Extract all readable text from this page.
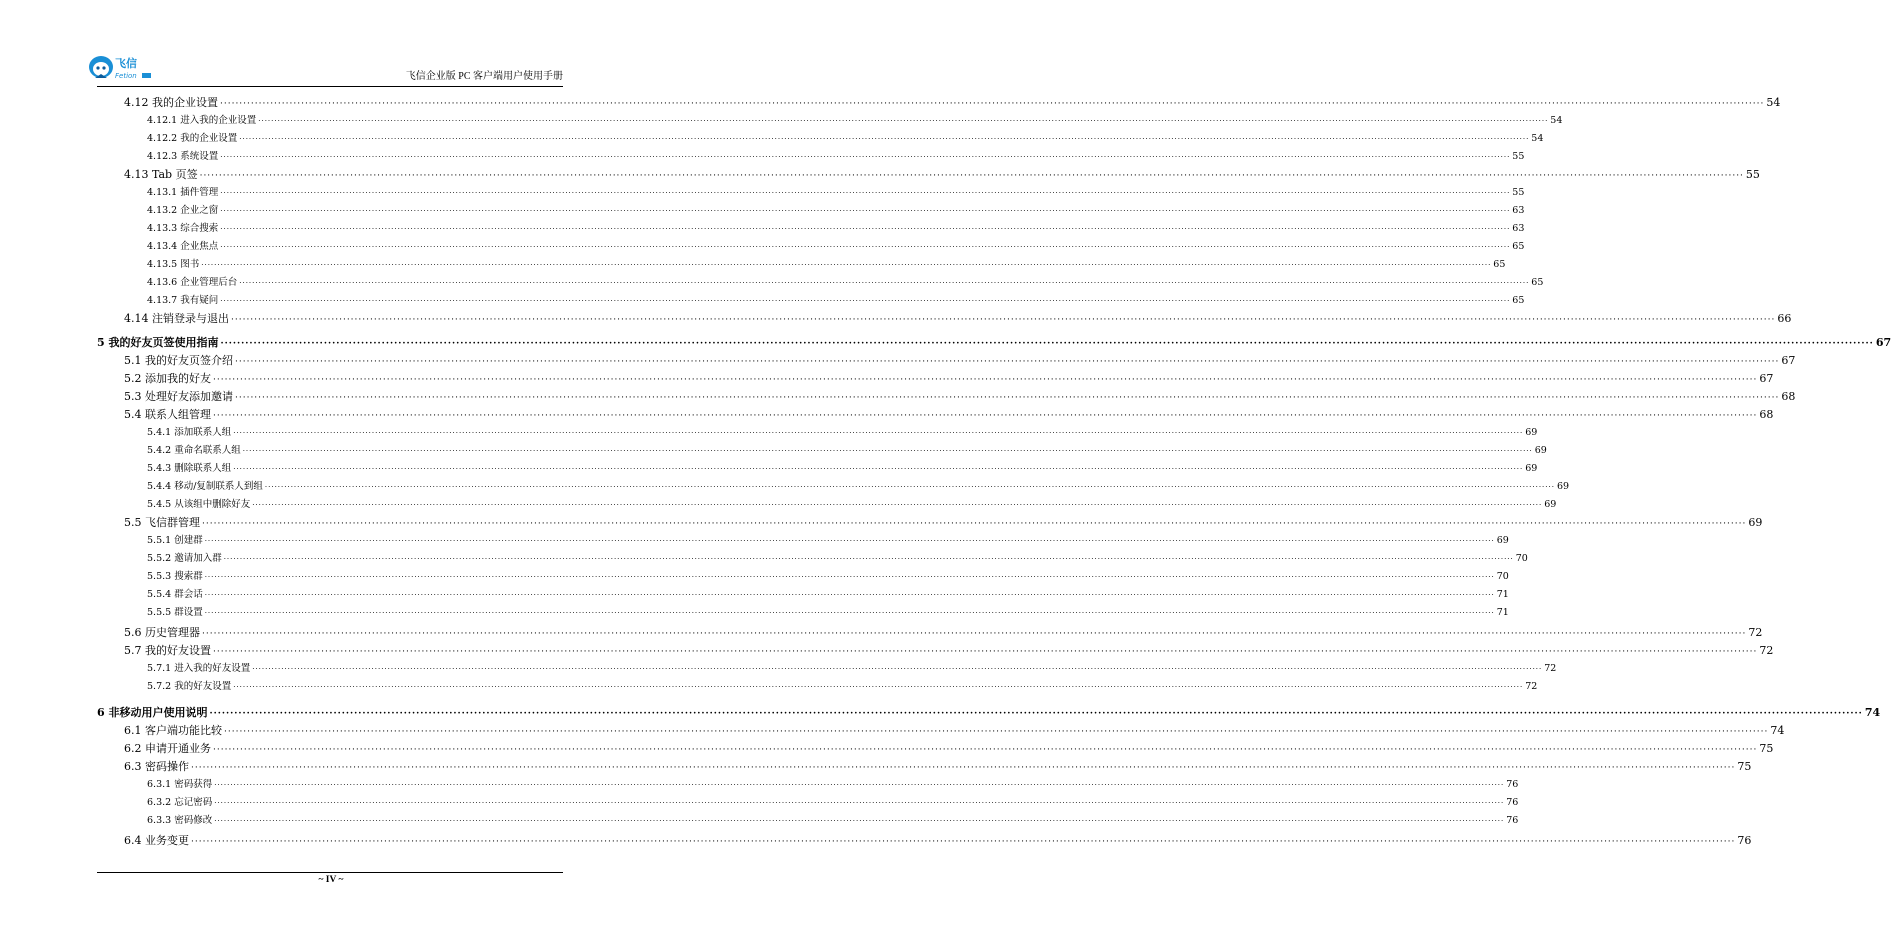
飞信
Fetion	飞信企业版 PC 客户端用户使用手册
4.12 我的企业设置 ················································································································································································································································································································································································································ 54
4.12.1 进入我的企业设置 ················································································································································································································································································································································································································ 54
4.12.2 我的企业设置 ················································································································································································································································································································································································································ 54
4.12.3 系统设置 ················································································································································································································································································································································································································ 55
4.13 Tab 页签 ················································································································································································································································································································································································································ 55
4.13.1 插件管理 ················································································································································································································································································································································································································ 55
4.13.2 企业之窗 ················································································································································································································································································································································································································ 63
4.13.3 综合搜索 ················································································································································································································································································································································································································ 63
4.13.4 企业焦点 ················································································································································································································································································································································································································ 65
4.13.5 图书 ················································································································································································································································································································································································································ 65
4.13.6 企业管理后台 ················································································································································································································································································································································································································ 65
4.13.7 我有疑问 ················································································································································································································································································································································································································ 65
4.14 注销登录与退出 ················································································································································································································································································································································································································ 66
5 我的好友页签使用指南 ················································································································································································································································································································································································································ 67
5.1 我的好友页签介绍 ················································································································································································································································································································································································································ 67
5.2 添加我的好友 ················································································································································································································································································································································································································ 67
5.3 处理好友添加邀请 ················································································································································································································································································································································································································ 68
5.4 联系人组管理 ················································································································································································································································································································································································································ 68
5.4.1 添加联系人组 ················································································································································································································································································································································································································ 69
5.4.2 重命名联系人组 ················································································································································································································································································································································································································ 69
5.4.3 删除联系人组 ················································································································································································································································································································································································································ 69
5.4.4 移动/复制联系人到组 ················································································································································································································································································································································································································ 69
5.4.5 从该组中删除好友 ················································································································································································································································································································································································································ 69
5.5 飞信群管理 ················································································································································································································································································································································································································ 69
5.5.1 创建群 ················································································································································································································································································································································································································ 69
5.5.2 邀请加入群 ················································································································································································································································································································································································································ 70
5.5.3 搜索群 ················································································································································································································································································································································································································ 70
5.5.4 群会话 ················································································································································································································································································································································································································ 71
5.5.5 群设置 ················································································································································································································································································································································································································ 71
5.6 历史管理器 ················································································································································································································································································································································································································ 72
5.7 我的好友设置 ················································································································································································································································································································································································································ 72
5.7.1 进入我的好友设置 ················································································································································································································································································································································································································ 72
5.7.2 我的好友设置 ················································································································································································································································································································································································································ 72
6 非移动用户使用说明 ················································································································································································································································································································································································································ 74
6.1 客户端功能比较 ················································································································································································································································································································································································································ 74
6.2 申请开通业务 ················································································································································································································································································································································································································ 75
6.3 密码操作 ················································································································································································································································································································································································································ 75
6.3.1 密码获得 ················································································································································································································································································································································································································ 76
6.3.2 忘记密码 ················································································································································································································································································································································································································ 76
6.3.3 密码修改 ················································································································································································································································································································································································································ 76
6.4 业务变更 ················································································································································································································································································································································································································ 76
~ IV ~
